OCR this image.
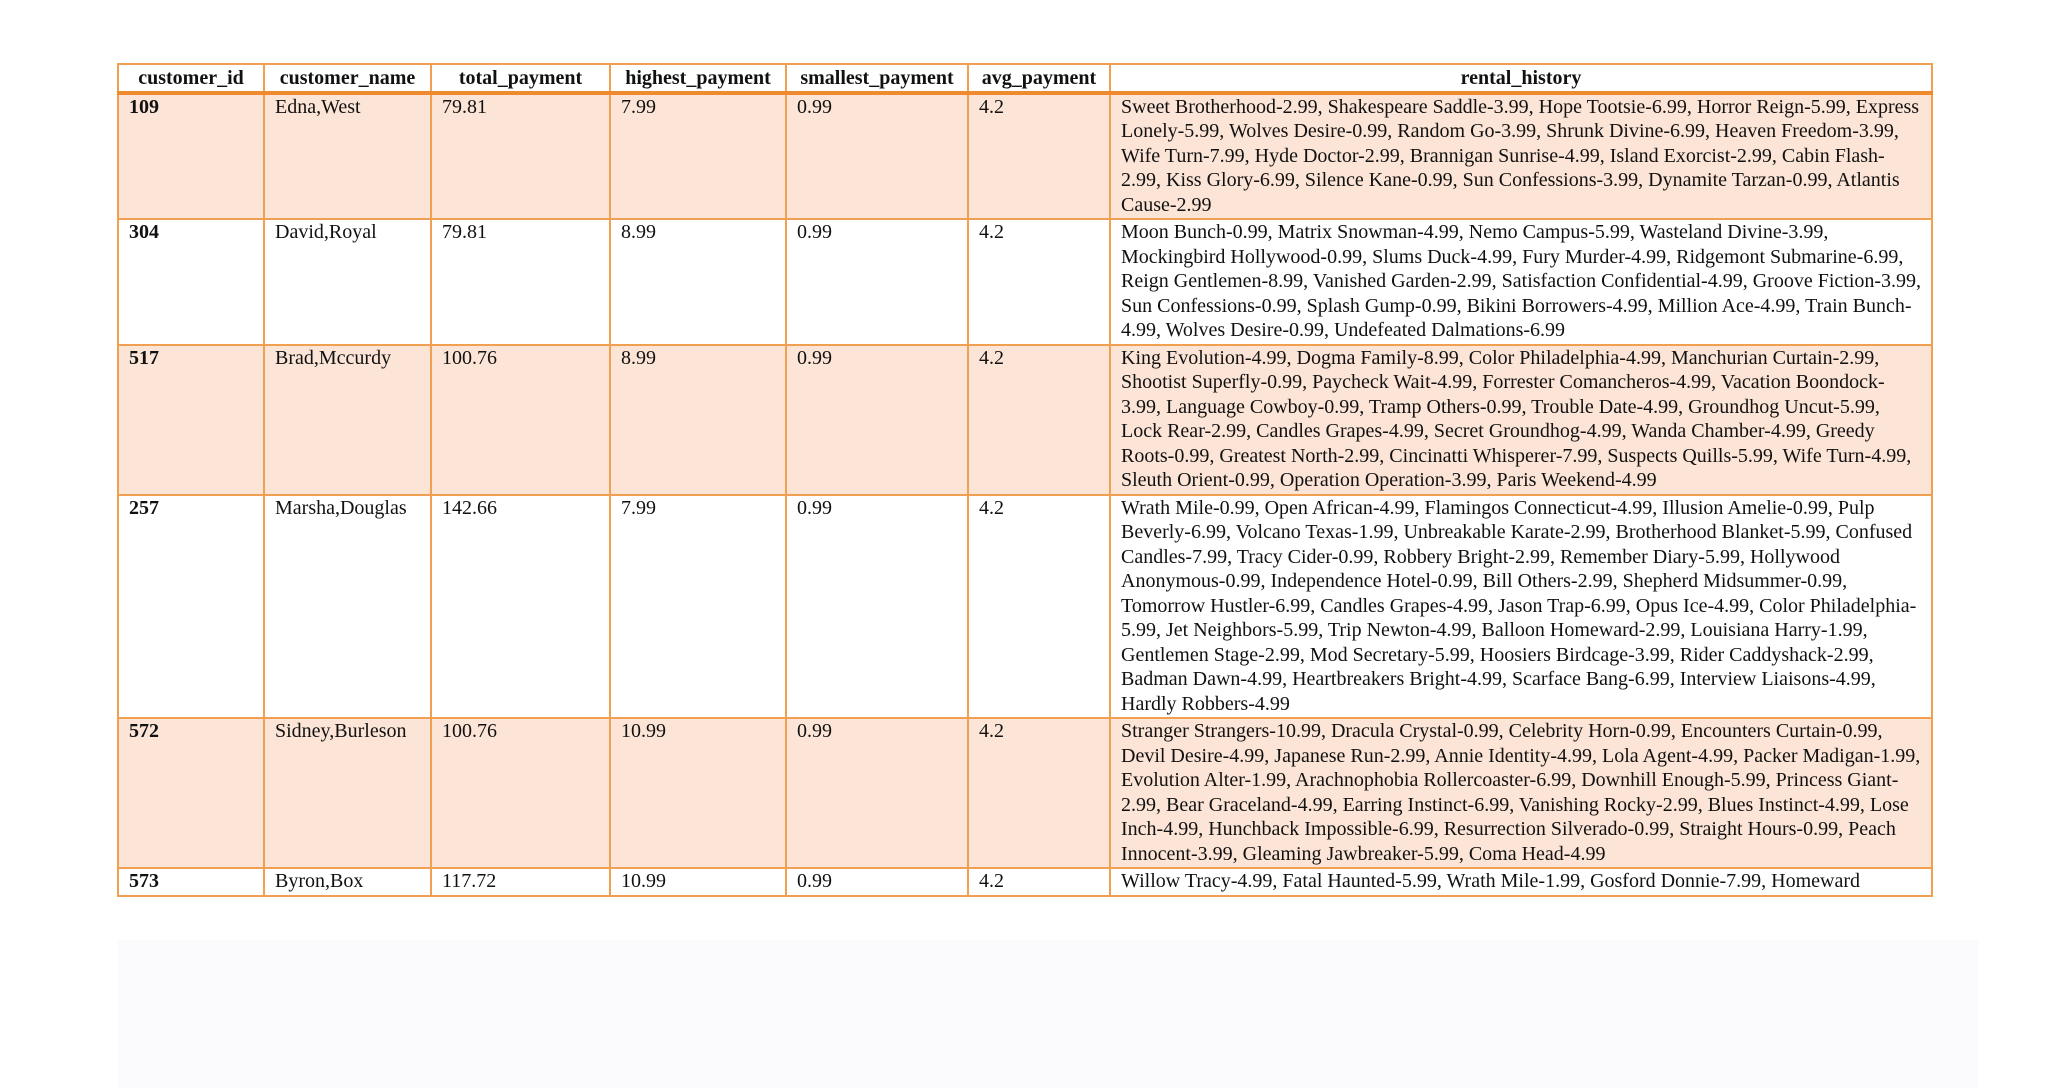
customer_id	customer_name	total_payment	highest_payment	smallest_payment	avg_payment	rental_history
109	Edna,West	79.81	7.99	0.99	4.2	Sweet Brotherhood-2.99, Shakespeare Saddle-3.99, Hope Tootsie-6.99, Horror Reign-5.99, Express Lonely-5.99, Wolves Desire-0.99, Random Go-3.99, Shrunk Divine-6.99, Heaven Freedom-3.99, Wife Turn-7.99, Hyde Doctor-2.99, Brannigan Sunrise-4.99, Island Exorcist-2.99, Cabin Flash-2.99, Kiss Glory-6.99, Silence Kane-0.99, Sun Confessions-3.99, Dynamite Tarzan-0.99, Atlantis Cause-2.99
304	David,Royal	79.81	8.99	0.99	4.2	Moon Bunch-0.99, Matrix Snowman-4.99, Nemo Campus-5.99, Wasteland Divine-3.99, Mockingbird Hollywood-0.99, Slums Duck-4.99, Fury Murder-4.99, Ridgemont Submarine-6.99, Reign Gentlemen-8.99, Vanished Garden-2.99, Satisfaction Confidential-4.99, Groove Fiction-3.99, Sun Confessions-0.99, Splash Gump-0.99, Bikini Borrowers-4.99, Million Ace-4.99, Train Bunch-4.99, Wolves Desire-0.99, Undefeated Dalmations-6.99
517	Brad,Mccurdy	100.76	8.99	0.99	4.2	King Evolution-4.99, Dogma Family-8.99, Color Philadelphia-4.99, Manchurian Curtain-2.99, Shootist Superfly-0.99, Paycheck Wait-4.99, Forrester Comancheros-4.99, Vacation Boondock-3.99, Language Cowboy-0.99, Tramp Others-0.99, Trouble Date-4.99, Groundhog Uncut-5.99, Lock Rear-2.99, Candles Grapes-4.99, Secret Groundhog-4.99, Wanda Chamber-4.99, Greedy Roots-0.99, Greatest North-2.99, Cincinatti Whisperer-7.99, Suspects Quills-5.99, Wife Turn-4.99, Sleuth Orient-0.99, Operation Operation-3.99, Paris Weekend-4.99
257	Marsha,Douglas	142.66	7.99	0.99	4.2	Wrath Mile-0.99, Open African-4.99, Flamingos Connecticut-4.99, Illusion Amelie-0.99, Pulp Beverly-6.99, Volcano Texas-1.99, Unbreakable Karate-2.99, Brotherhood Blanket-5.99, Confused Candles-7.99, Tracy Cider-0.99, Robbery Bright-2.99, Remember Diary-5.99, Hollywood Anonymous-0.99, Independence Hotel-0.99, Bill Others-2.99, Shepherd Midsummer-0.99, Tomorrow Hustler-6.99, Candles Grapes-4.99, Jason Trap-6.99, Opus Ice-4.99, Color Philadelphia-5.99, Jet Neighbors-5.99, Trip Newton-4.99, Balloon Homeward-2.99, Louisiana Harry-1.99, Gentlemen Stage-2.99, Mod Secretary-5.99, Hoosiers Birdcage-3.99, Rider Caddyshack-2.99, Badman Dawn-4.99, Heartbreakers Bright-4.99, Scarface Bang-6.99, Interview Liaisons-4.99, Hardly Robbers-4.99
572	Sidney,Burleson	100.76	10.99	0.99	4.2	Stranger Strangers-10.99, Dracula Crystal-0.99, Celebrity Horn-0.99, Encounters Curtain-0.99, Devil Desire-4.99, Japanese Run-2.99, Annie Identity-4.99, Lola Agent-4.99, Packer Madigan-1.99, Evolution Alter-1.99, Arachnophobia Rollercoaster-6.99, Downhill Enough-5.99, Princess Giant-2.99, Bear Graceland-4.99, Earring Instinct-6.99, Vanishing Rocky-2.99, Blues Instinct-4.99, Lose Inch-4.99, Hunchback Impossible-6.99, Resurrection Silverado-0.99, Straight Hours-0.99, Peach Innocent-3.99, Gleaming Jawbreaker-5.99, Coma Head-4.99
573	Byron,Box	117.72	10.99	0.99	4.2	Willow Tracy-4.99, Fatal Haunted-5.99, Wrath Mile-1.99, Gosford Donnie-7.99, Homeward
